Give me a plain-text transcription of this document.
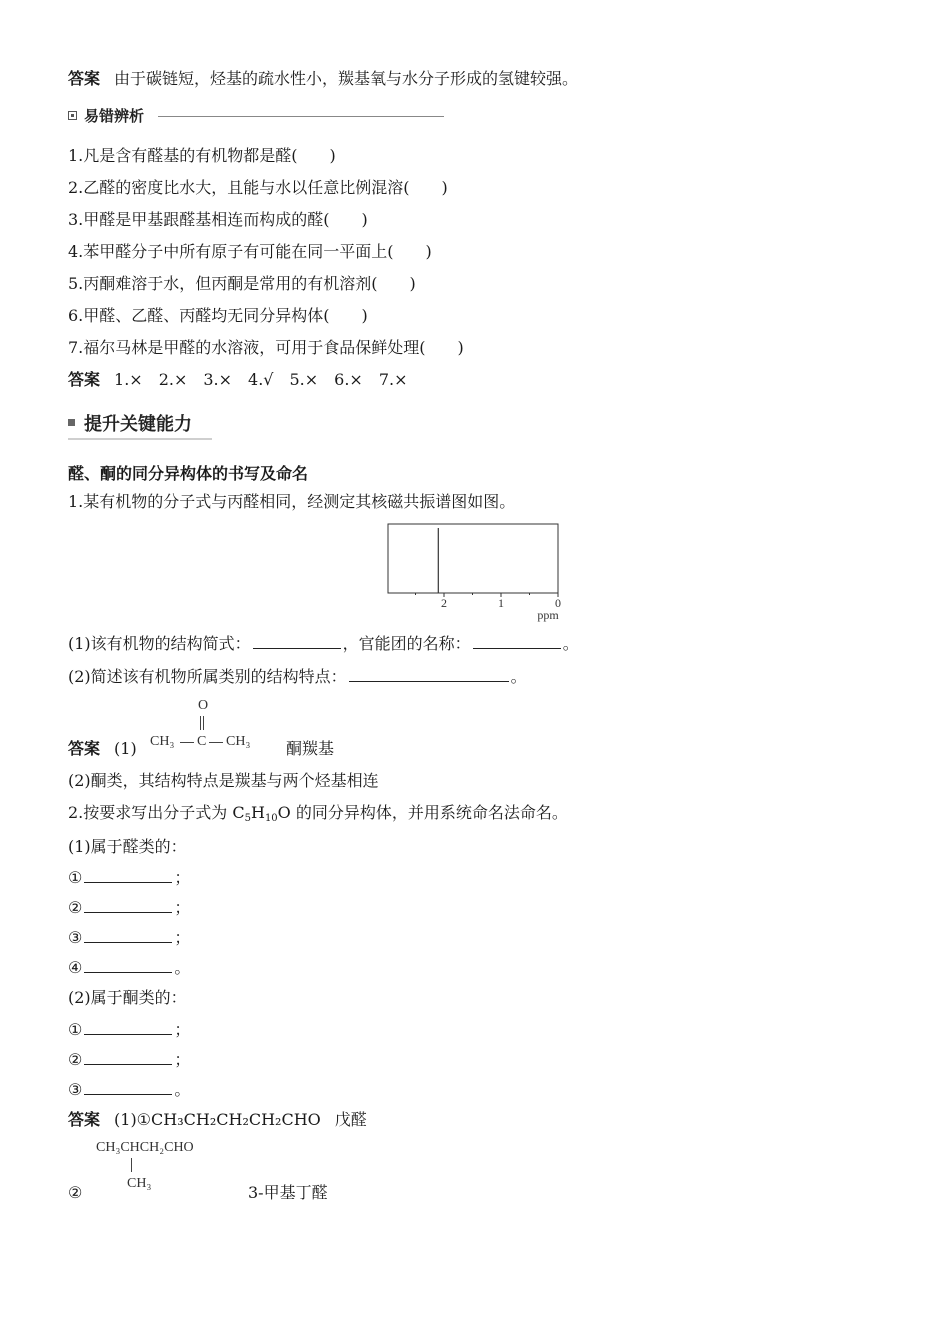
答案 由于碳链短，烃基的疏水性小，羰基氧与水分子形成的氢键较强。
易错辨析
1.凡是含有醛基的有机物都是醛(　　)
2.乙醛的密度比水大，且能与水以任意比例混溶(　　)
3.甲醛是甲基跟醛基相连而构成的醛(　　)
4.苯甲醛分子中所有原子有可能在同一平面上(　　)
5.丙酮难溶于水，但丙酮是常用的有机溶剂(　　)
6.甲醛、乙醛、丙醛均无同分异构体(　　)
7.福尔马林是甲醛的水溶液，可用于食品保鲜处理(　　)
答案 1.×　2.×　3.×　4.√　5.×　6.×　7.×
提升关键能力
醛、酮的同分异构体的书写及命名
1.某有机物的分子式与丙醛相同，经测定其核磁共振谱图如图。
2	1	0
ppm
(1)该有机物的结构简式：	，官能团的名称：	。
(2)简述该有机物所属类别的结构特点：	。
答案 (1)
O
CH₃ C CH₃ 酮羰基
(2)酮类，其结构特点是羰基与两个烃基相连
2.按要求写出分子式为 $C_5H_{10}O$ 的同分异构体，并用系统命名法命名。
(1)属于醛类的：
①	；
②	；
③	；
④	。
(2)属于酮类的：
①	；
②	；
③	。
答案 (1)①CH₃CH₂CH₂CH₂CHO 戊醛
CH₃CHCH₂CHO
CH₃
②	3-甲基丁醛
